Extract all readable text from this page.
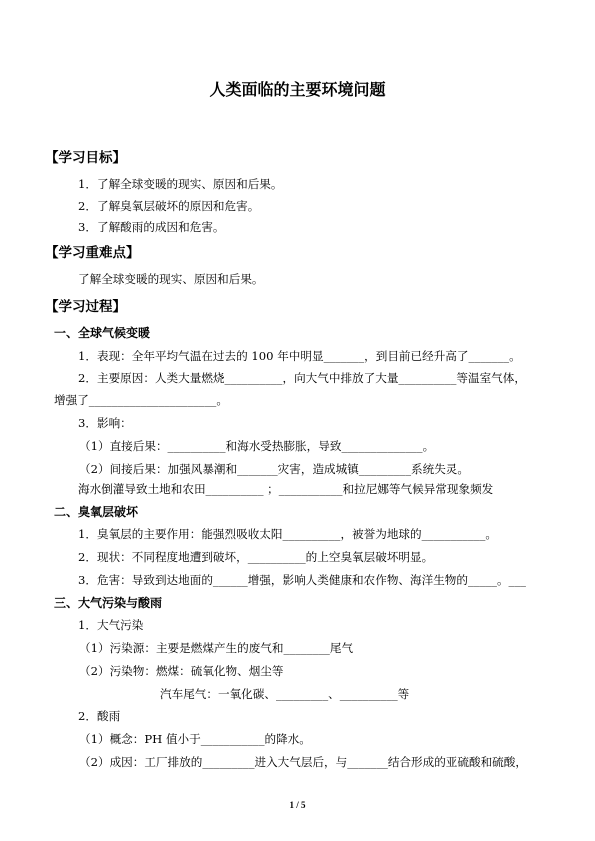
人类面临的主要环境问题
【学习目标】
1．了解全球变暖的现实、原因和后果。
2．了解臭氧层破坏的原因和危害。
3．了解酸雨的成因和危害。
【学习重难点】
了解全球变暖的现实、原因和后果。
【学习过程】
一、全球气候变暖
1．表现：全年平均气温在过去的 100 年中明显_______，到目前已经升高了_______。
2．主要原因：人类大量燃烧__________，向大气中排放了大量__________等温室气体，
增强了______________________。
3．影响：
（1）直接后果：__________和海水受热膨胀，导致______________。
（2）间接后果：加强风暴潮和_______灾害，造成城镇_________系统失灵。
海水倒灌导致土地和农田__________ ；___________和拉尼娜等气候异常现象频发
二、臭氧层破坏
1．臭氧层的主要作用：能强烈吸收太阳__________，被誉为地球的___________。
2．现状：不同程度地遭到破坏，__________的上空臭氧层破坏明显。
3．危害：导致到达地面的______增强，影响人类健康和农作物、海洋生物的_____。___
三、大气污染与酸雨
1．大气污染
（1）污染源：主要是燃煤产生的废气和________尾气
（2）污染物：燃煤：硫氧化物、烟尘等
汽车尾气：一氧化碳、_________、__________等
2．酸雨
（1）概念：PH 值小于___________的降水。
（2）成因：工厂排放的_________进入大气层后，与_______结合形成的亚硫酸和硫酸，
1 / 5
